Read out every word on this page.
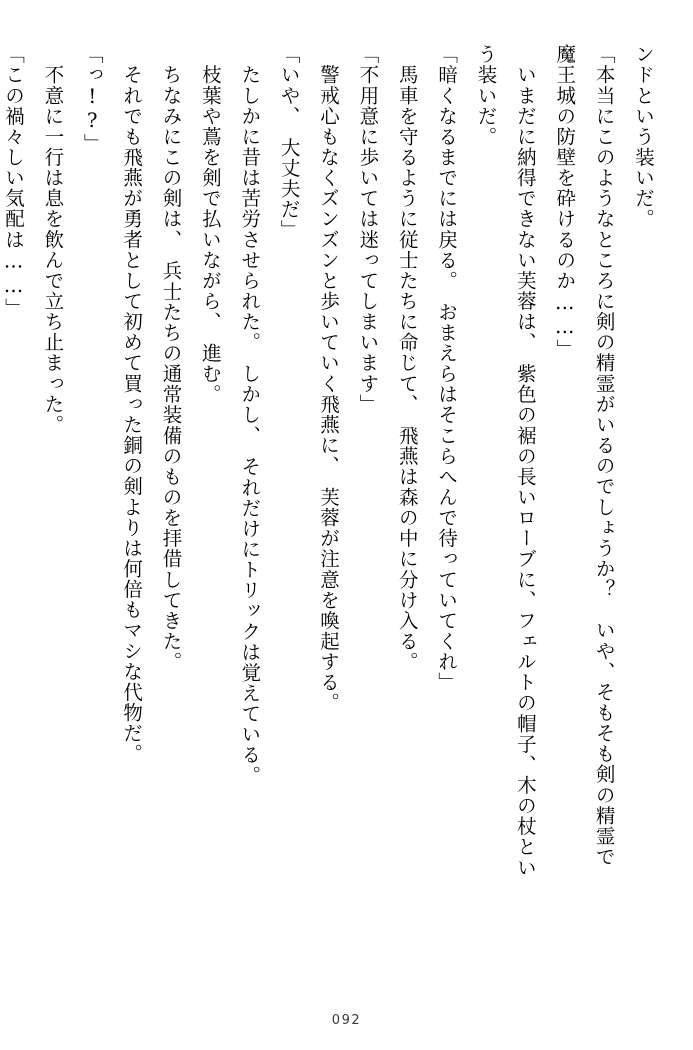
ンドという装いだ。

「本当にこのようなところに剣の精霊がいるのでしょうか？　いや、そもそも剣の精霊で

魔王城の防壁を砕けるのか……」

　いまだに納得できない芙蓉は、　紫色の裾の長いローブに、フェルトの帽子、木の杖とい

う装いだ。

「暗くなるまでには戻る。　おまえらはそこらへんで待っていてくれ」

　馬車を守るように従士たちに命じて、　飛燕は森の中に分け入る。

「不用意に歩いては迷ってしまいます」

　警戒心もなくズンズンと歩いていく飛燕に、　芙蓉が注意を喚起する。

「いや、　大丈夫だ」

　たしかに昔は苦労させられた。　しかし、　それだけにトリックは覚えている。

　枝葉や蔦を剣で払いながら、　進む。

　ちなみにこの剣は、　兵士たちの通常装備のものを拝借してきた。

　それでも飛燕が勇者として初めて買った銅の剣よりは何倍もマシな代物だ。

「っ!?」

　不意に一行は息を飲んで立ち止まった。

「この禍々しい気配は……」

092
